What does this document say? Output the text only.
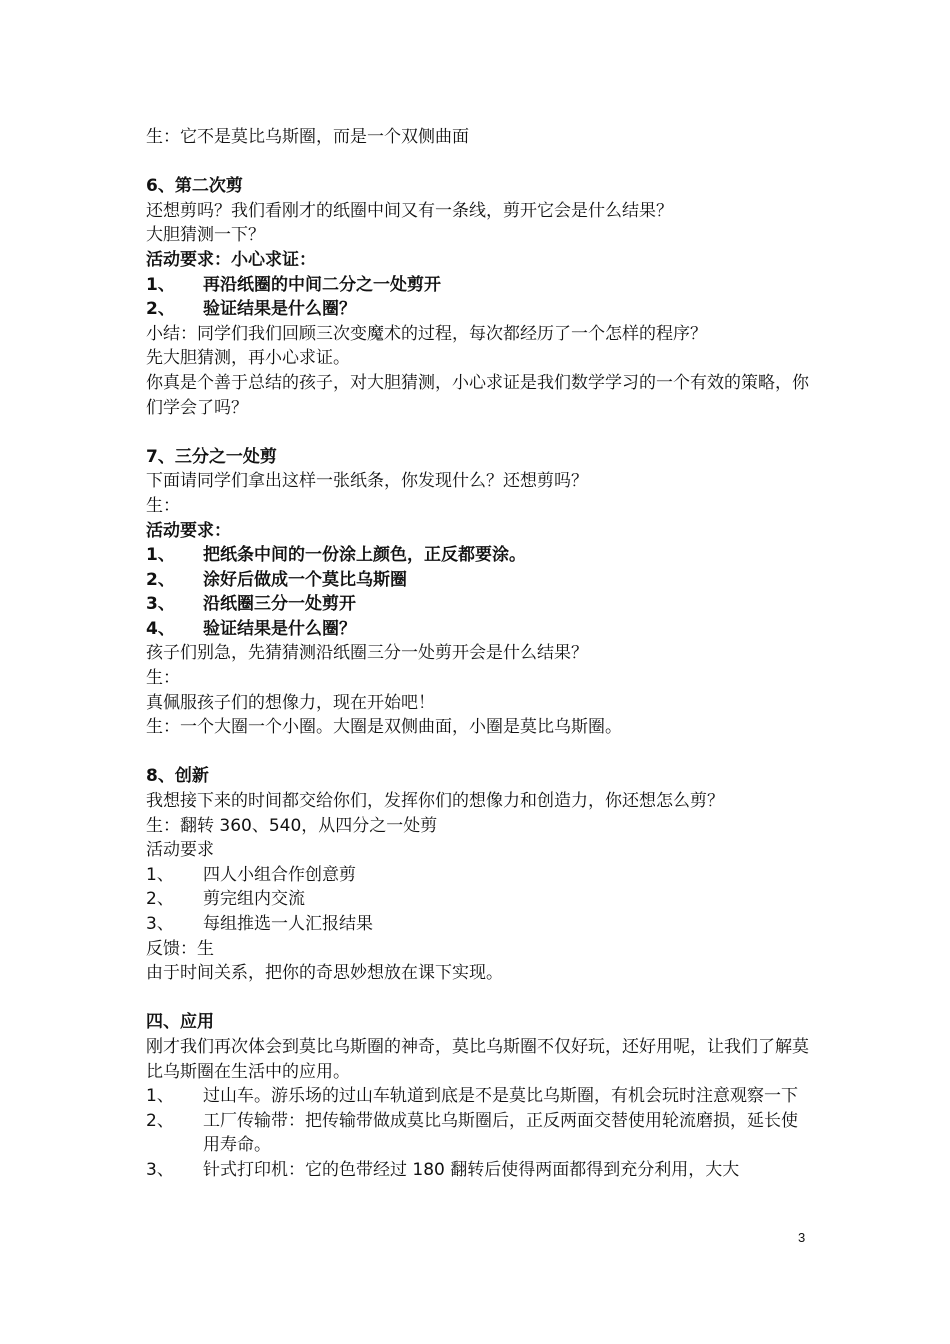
生：它不是莫比乌斯圈，而是一个双侧曲面
6、第二次剪
还想剪吗？我们看刚才的纸圈中间又有一条线，剪开它会是什么结果？
大胆猜测一下？
活动要求：小心求证：
1、	再沿纸圈的中间二分之一处剪开
2、	验证结果是什么圈？
小结：同学们我们回顾三次变魔术的过程，每次都经历了一个怎样的程序？
先大胆猜测，再小心求证。
你真是个善于总结的孩子，对大胆猜测，小心求证是我们数学学习的一个有效的策略，你们学会了吗？
7、三分之一处剪
下面请同学们拿出这样一张纸条，你发现什么？还想剪吗？
生：
活动要求：
1、	把纸条中间的一份涂上颜色，正反都要涂。
2、	涂好后做成一个莫比乌斯圈
3、	沿纸圈三分一处剪开
4、	验证结果是什么圈？
孩子们别急，先猜猜测沿纸圈三分一处剪开会是什么结果？
生：
真佩服孩子们的想像力，现在开始吧！
生：一个大圈一个小圈。大圈是双侧曲面，小圈是莫比乌斯圈。
8、创新
我想接下来的时间都交给你们，发挥你们的想像力和创造力，你还想怎么剪？
生：翻转 360、540，从四分之一处剪
活动要求
1、	四人小组合作创意剪
2、	剪完组内交流
3、	每组推选一人汇报结果
反馈：生
由于时间关系，把你的奇思妙想放在课下实现。
四、应用
刚才我们再次体会到莫比乌斯圈的神奇，莫比乌斯圈不仅好玩，还好用呢，让我们了解莫比乌斯圈在生活中的应用。
1、	过山车。游乐场的过山车轨道到底是不是莫比乌斯圈，有机会玩时注意观察一下
2、	工厂传输带：把传输带做成莫比乌斯圈后，正反两面交替使用轮流磨损，延长使用寿命。
3、	针式打印机：它的色带经过 180 翻转后使得两面都得到充分利用，大大
3
